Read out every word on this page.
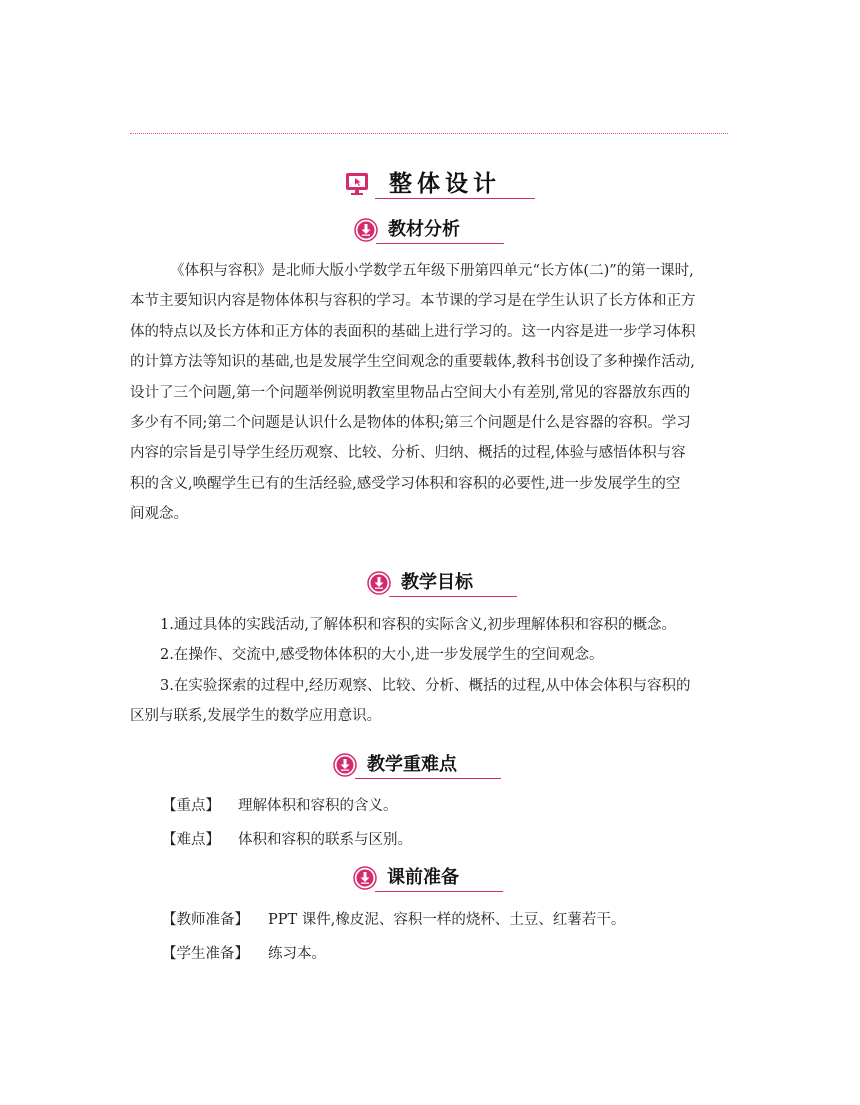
整体设计
教材分析
《体积与容积》是北师大版小学数学五年级下册第四单元“长方体(二)”的第一课时,
本节主要知识内容是物体体积与容积的学习。本节课的学习是在学生认识了长方体和正方
体的特点以及长方体和正方体的表面积的基础上进行学习的。这一内容是进一步学习体积
的计算方法等知识的基础,也是发展学生空间观念的重要载体,教科书创设了多种操作活动,
设计了三个问题,第一个问题举例说明教室里物品占空间大小有差别,常见的容器放东西的
多少有不同;第二个问题是认识什么是物体的体积;第三个问题是什么是容器的容积。学习
内容的宗旨是引导学生经历观察、比较、分析、归纳、概括的过程,体验与感悟体积与容
积的含义,唤醒学生已有的生活经验,感受学习体积和容积的必要性,进一步发展学生的空
间观念。
教学目标
1.通过具体的实践活动,了解体积和容积的实际含义,初步理解体积和容积的概念。
2.在操作、交流中,感受物体体积的大小,进一步发展学生的空间观念。
3.在实验探索的过程中,经历观察、比较、分析、概括的过程,从中体会体积与容积的
区别与联系,发展学生的数学应用意识。
教学重难点
【重点】 理解体积和容积的含义。
【难点】 体积和容积的联系与区别。
课前准备
【教师准备】 PPT 课件,橡皮泥、容积一样的烧杯、土豆、红薯若干。
【学生准备】 练习本。
